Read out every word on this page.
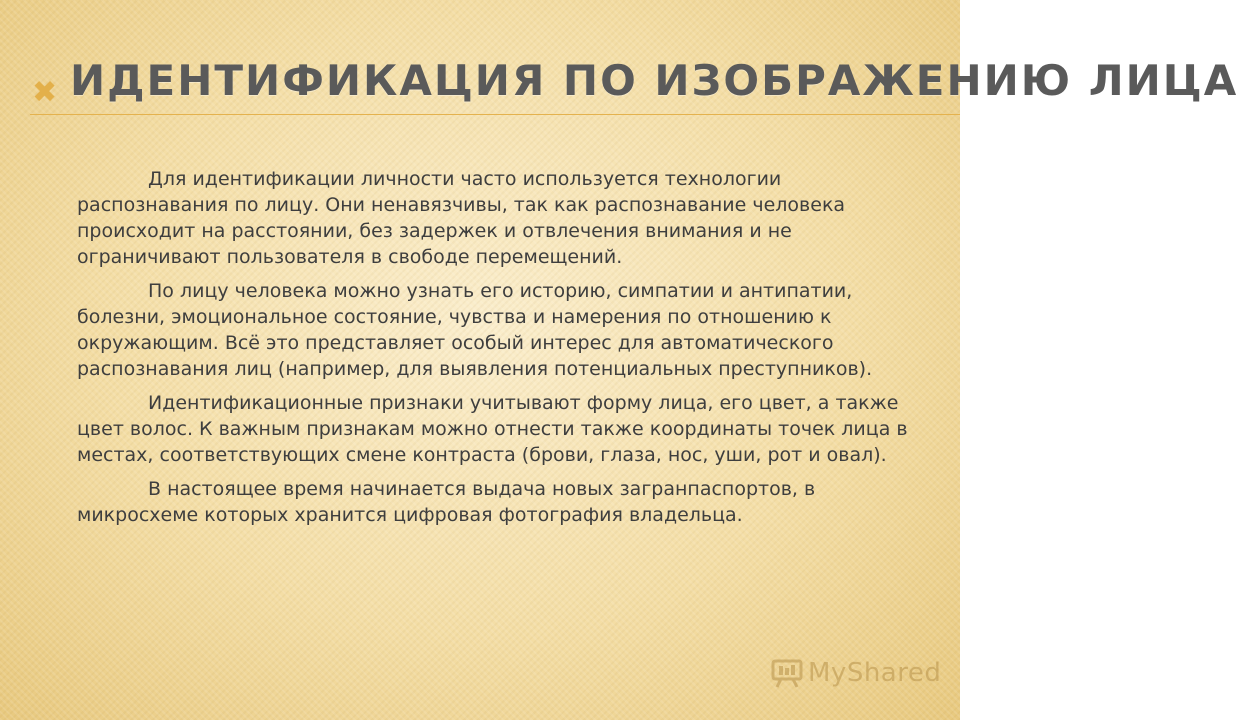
✖ ИДЕНТИФИКАЦИЯ ПО ИЗОБРАЖЕНИЮ ЛИЦА

Для идентификации личности часто используется технологии распознавания по лицу. Они ненавязчивы, так как распознавание человека происходит на расстоянии, без задержек и отвлечения внимания и не ограничивают пользователя в свободе перемещений.

По лицу человека можно узнать его историю, симпатии и антипатии, болезни, эмоциональное состояние, чувства и намерения по отношению к окружающим. Всё это представляет особый интерес для автоматического распознавания лиц (например, для выявления потенциальных преступников).

Идентификационные признаки учитывают форму лица, его цвет, а также цвет волос. К важным признакам можно отнести также координаты точек лица в местах, соответствующих смене контраста (брови, глаза, нос, уши, рот и овал).

В настоящее время начинается выдача новых загранпаспортов, в микросхеме которых хранится цифровая фотография владельца.

MyShared
